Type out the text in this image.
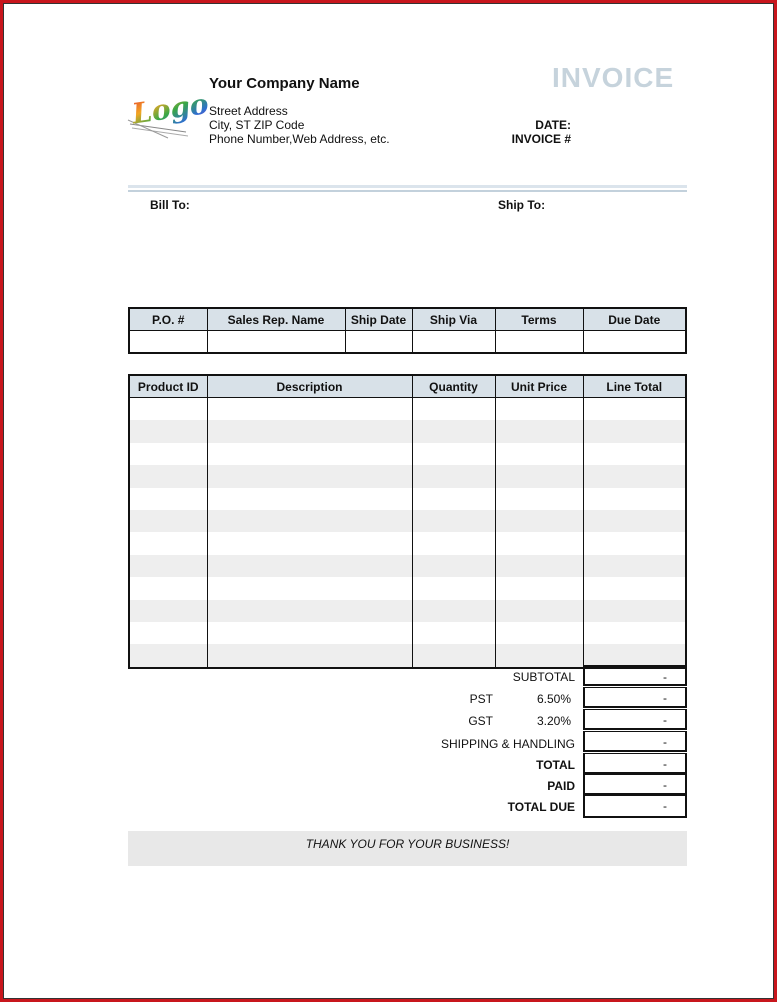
Logo
Your Company Name
Street Address
City, ST ZIP Code
Phone Number,Web Address, etc.
INVOICE
DATE:
INVOICE #
Bill To:	Ship To:
P.O. #	Sales Rep. Name	Ship Date	Ship Via	Terms	Due Date

Product ID	Description	Quantity	Unit Price	Line Total

SUBTOTAL	-
PST	6.50%	-
GST	3.20%	-
SHIPPING & HANDLING	-
TOTAL	-
PAID	-
TOTAL DUE	-
THANK YOU FOR YOUR BUSINESS!
